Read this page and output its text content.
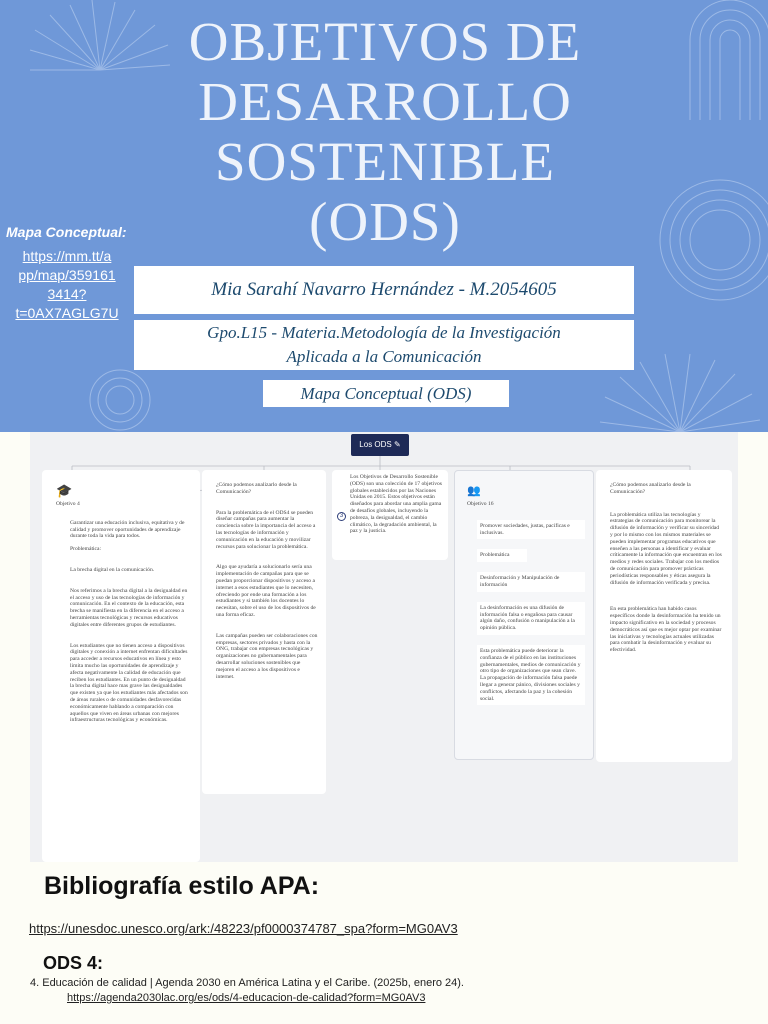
OBJETIVOS DE
DESARROLLO
SOSTENIBLE
(ODS)
Mapa Conceptual:
https://mm.tt/a
pp/map/359161
3414?
t=0AX7AGLG7U
Mia Sarahí Navarro Hernández - M.2054605
Gpo.L15 - Materia.Metodología de la Investigación
Aplicada a la Comunicación
Mapa Conceptual (ODS)
Los ODS ✎
🎓

Objetivo 4

Garantizar una educación inclusiva, equitativa y de calidad y promover oportunidades de aprendizaje durante toda la vida para todos.

Problemática:

La brecha digital en la comunicación.

Nos referimos a la brecha digital a la desigualdad en el acceso y uso de las tecnologías de información y comunicación. En el contexto de la educación, esta brecha se manifiesta en la diferencia en el acceso a herramientas tecnológicas y recursos educativos digitales entre diferentes grupos de estudiantes.

Los estudiantes que no tienen acceso a dispositivos digitales y conexión a internet enfrentan dificultades para acceder a recursos educativos en línea y esto limita mucho las oportunidades de aprendizaje y afecta negativamente la calidad de educación que reciben los estudiantes. En un punto de desigualdad la brecha digital hace mas grave las desigualdades que existen ya que los estudiantes más afectados son de áreas rurales o de comunidades desfavorecidas económicamente hablando a comparación con aquellos que viven en áreas urbanas con mejores infraestructuras tecnológicas y económicas.

¿Cómo podemos analizarlo desde la Comunicación?

Para la problemática de el ODS4 se pueden diseñar campañas para aumentar la conciencia sobre la importancia del acceso a las tecnologías de información y comunicación en la educación y movilizar recursos para solucionar la problemática.

Algo que ayudaría a solucionarlo sería una implementación de campañas para que se puedan proporcionar dispositivos y acceso a internet a esos estudiantes que lo necesiten, ofreciendo por ende una formación a los estudiantes y si también los docentes lo necesitan, sobre el uso de los dispositivos de una forma eficaz.

Las campañas pueden ser colaboraciones con empresas, sectores privados y hasta con la ONG, trabajar con empresas tecnológicas y organizaciones no gubernamentales para desarrollar soluciones sostenibles que mejoren el acceso a los dispositivos e internet.

3

Los Objetivos de Desarrollo Sostenible (ODS) son una colección de 17 objetivos globales establecidos por las Naciones Unidas en 2015. Estos objetivos están diseñados para abordar una amplia gama de desafíos globales, incluyendo la pobreza, la desigualdad, el cambio climático, la degradación ambiental, la paz y la justicia.

👥

Objetivo 16

Promover sociedades, justas, pacíficas e inclusivas.
Problemática
Desinformación y Manipulación de información
La desinformación es una difusión de información falsa o engañosa para causar algún daño, confusión o manipulación a la opinión pública.
Esta problemática puede deteriorar la confianza de el público en las instituciones gubernamentales, medios de comunicación y otro tipo de organizaciones que sean clave. La propagación de información falsa puede llegar a generar pánico, divisiones sociales y conflictos, afectando la paz y la cohesión social.

¿Cómo podemos analizarlo desde la Comunicación?

La problemática utiliza las tecnologías y estrategias de comunicación para monitorear la difusión de información y verificar su sinceridad y por lo mismo con los mismos materiales se pueden implementar programas educativos que enseñen a las personas a identificar y evaluar críticamente la información que encuentran en los medios y redes sociales. Trabajar con los medios de comunicación para promover prácticas periodísticas responsables y éticas asegura la difusión de información verificada y precisa.

En esta problemática han habido casos específicos donde la desinformación ha tenido un impacto significativo en la sociedad y procesos democráticos así que es mejor optar por examinar las iniciativas y tecnologías actuales utilizadas para combatir la desinformación y evaluar su efectividad.

Bibliografía estilo APA:
https://unesdoc.unesco.org/ark:/48223/pf0000374787_spa?form=MG0AV3
ODS 4:
4. Educación de calidad | Agenda 2030 en América Latina y el Caribe. (2025b, enero 24).
https://agenda2030lac.org/es/ods/4-educacion-de-calidad?form=MG0AV3
